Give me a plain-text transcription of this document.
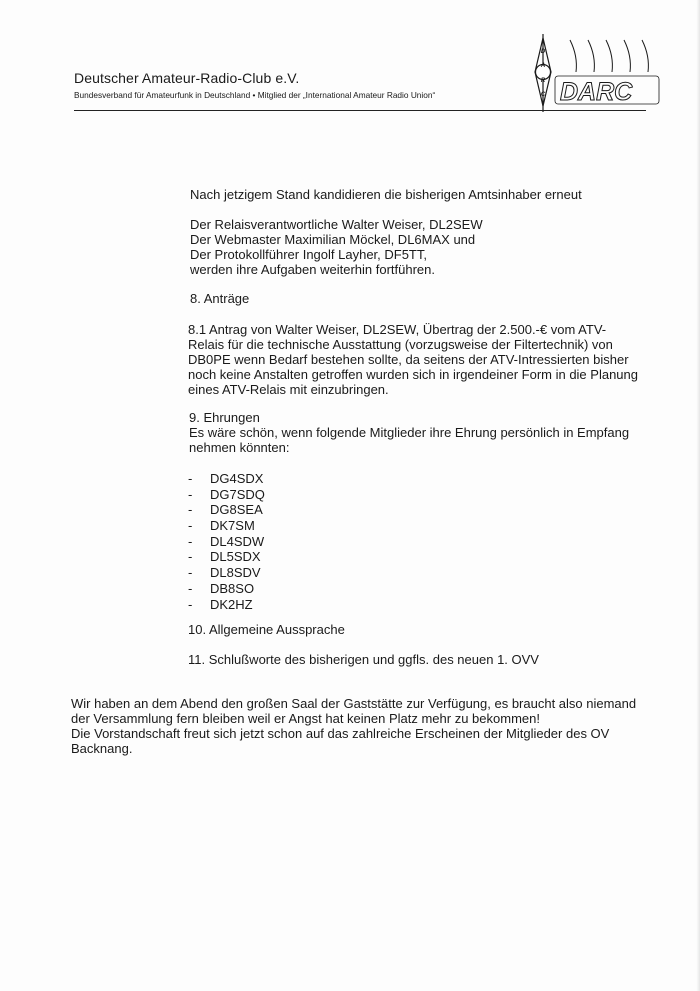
Deutscher Amateur-Radio-Club e.V.
Bundesverband für Amateurfunk in Deutschland • Mitglied der „International Amateur Radio Union“
D
A
R
C DARC
Nach jetzigem Stand kandidieren die bisherigen Amtsinhaber erneut
Der Relaisverantwortliche Walter Weiser, DL2SEW
Der Webmaster Maximilian Möckel, DL6MAX und
Der Protokollführer Ingolf Layher, DF5TT,
werden ihre Aufgaben weiterhin fortführen.
8. Anträge
8.1 Antrag von Walter Weiser, DL2SEW, Übertrag der 2.500.-€ vom ATV-
Relais für die technische Ausstattung (vorzugsweise der Filtertechnik) von
DB0PE wenn Bedarf bestehen sollte, da seitens der ATV-Intressierten bisher
noch keine Anstalten getroffen wurden sich in irgendeiner Form in die Planung
eines ATV-Relais mit einzubringen.
9. Ehrungen
Es wäre schön, wenn folgende Mitglieder ihre Ehrung persönlich in Empfang
nehmen könnten:
- DG4SDX
- DG7SDQ
- DG8SEA
- DK7SM
- DL4SDW
- DL5SDX
- DL8SDV
- DB8SO
- DK2HZ
10. Allgemeine Aussprache
11. Schlußworte des bisherigen und ggfls. des neuen 1. OVV
Wir haben an dem Abend den großen Saal der Gaststätte zur Verfügung, es braucht also niemand
der Versammlung fern bleiben weil er Angst hat keinen Platz mehr zu bekommen!
Die Vorstandschaft freut sich jetzt schon auf das zahlreiche Erscheinen der Mitglieder des OV
Backnang.
